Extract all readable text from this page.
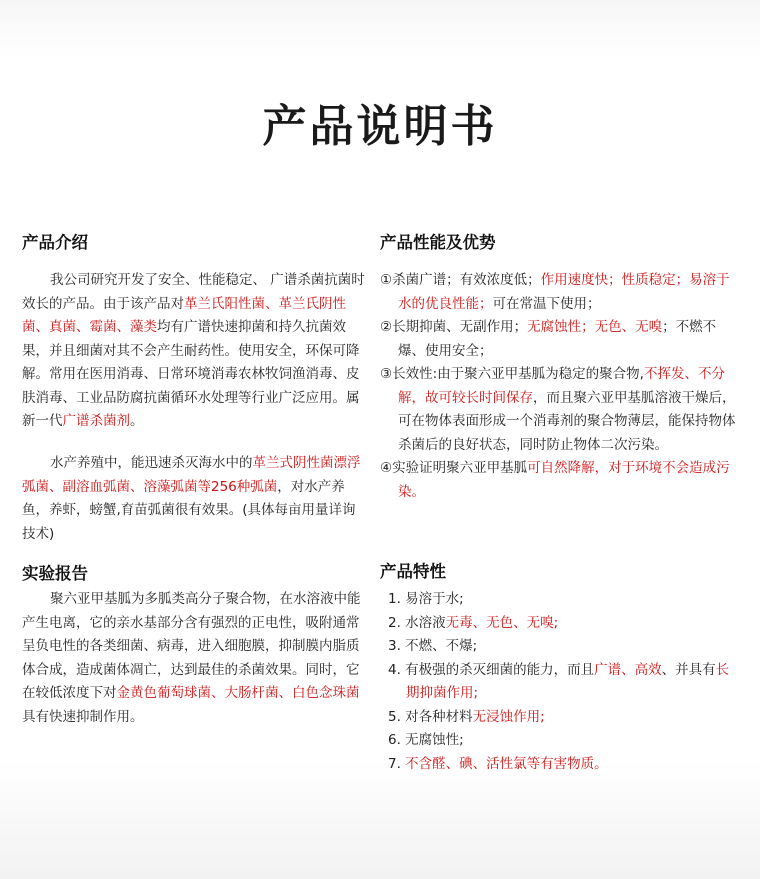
产品说明书
产品介绍
我公司研究开发了安全、性能稳定、 广谱杀菌抗菌时效长的产品。由于该产品对革兰氏阳性菌、革兰氏阴性菌、真菌、霉菌、藻类均有广谱快速抑菌和持久抗菌效果，并且细菌对其不会产生耐药性。使用安全，环保可降解。常用在医用消毒、日常环境消毒农林牧饲渔消毒、皮肤消毒、工业品防腐抗菌循环水处理等行业广泛应用。属新一代广谱杀菌剂。
水产养殖中，能迅速杀灭海水中的革兰式阴性菌漂浮弧菌、副溶血弧菌、溶藻弧菌等256种弧菌，对水产养鱼，养虾，螃蟹,育苗弧菌很有效果。(具体每亩用量详询技术)
实验报告
聚六亚甲基胍为多胍类高分子聚合物，在水溶液中能产生电离，它的亲水基部分含有强烈的正电性，吸附通常呈负电性的各类细菌、病毒，进入细胞膜，抑制膜内脂质体合成，造成菌体凋亡，达到最佳的杀菌效果。同时，它在较低浓度下对金黄色葡萄球菌、大肠杆菌、白色念珠菌具有快速抑制作用。
产品性能及优势
①杀菌广谱；有效浓度低；作用速度快；性质稳定；易溶于水的优良性能；可在常温下使用；
②长期抑菌、无副作用；无腐蚀性；无色、无嗅；不燃不爆、使用安全；
③长效性:由于聚六亚甲基胍为稳定的聚合物,不挥发、不分解，故可较长时间保存，而且聚六亚甲基胍溶液干燥后，可在物体表面形成一个消毒剂的聚合物薄层，能保持物体杀菌后的良好状态，同时防止物体二次污染。
④实验证明聚六亚甲基胍可自然降解，对于环境不会造成污染。
产品特性
1. 易溶于水;
2. 水溶液无毒、无色、无嗅;
3. 不燃、不爆;
4. 有极强的杀灭细菌的能力，而且广谱、高效、并具有长期抑菌作用;
5. 对各种材料无浸蚀作用;
6. 无腐蚀性;
7. 不含醛、碘、活性氯等有害物质。
